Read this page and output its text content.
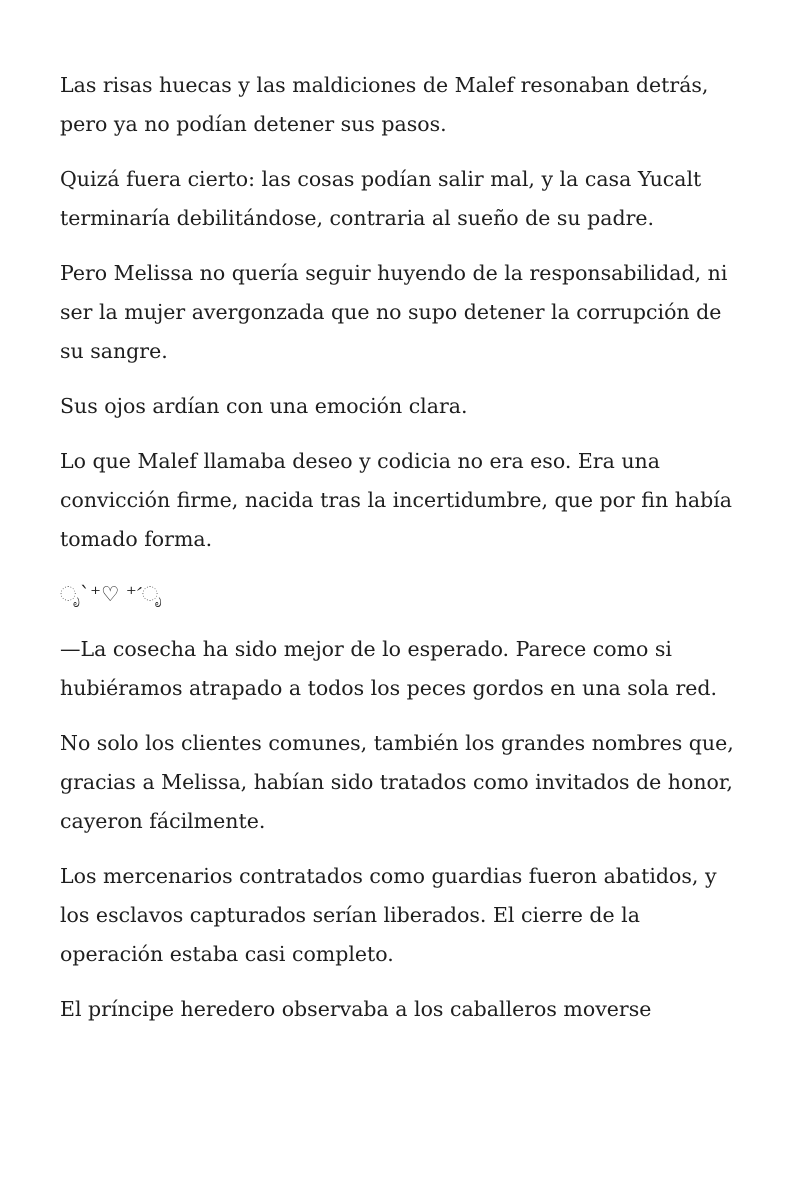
Las risas huecas y las maldiciones de Malef resonaban detrás, pero ya no podían detener sus pasos.

Quizá fuera cierto: las cosas podían salir mal, y la casa Yucalt terminaría debilitándose, contraria al sueño de su padre.

Pero Melissa no quería seguir huyendo de la responsabilidad, ni ser la mujer avergonzada que no supo detener la corrupción de su sangre.

Sus ojos ardían con una emoción clara.

Lo que Malef llamaba deseo y codicia no era eso. Era una convicción firme, nacida tras la incertidumbre, que por fin había tomado forma.

ೃ`⁺♡ ⁺´ೃ

—La cosecha ha sido mejor de lo esperado. Parece como si hubiéramos atrapado a todos los peces gordos en una sola red.

No solo los clientes comunes, también los grandes nombres que, gracias a Melissa, habían sido tratados como invitados de honor, cayeron fácilmente.

Los mercenarios contratados como guardias fueron abatidos, y los esclavos capturados serían liberados. El cierre de la operación estaba casi completo.

El príncipe heredero observaba a los caballeros moverse
